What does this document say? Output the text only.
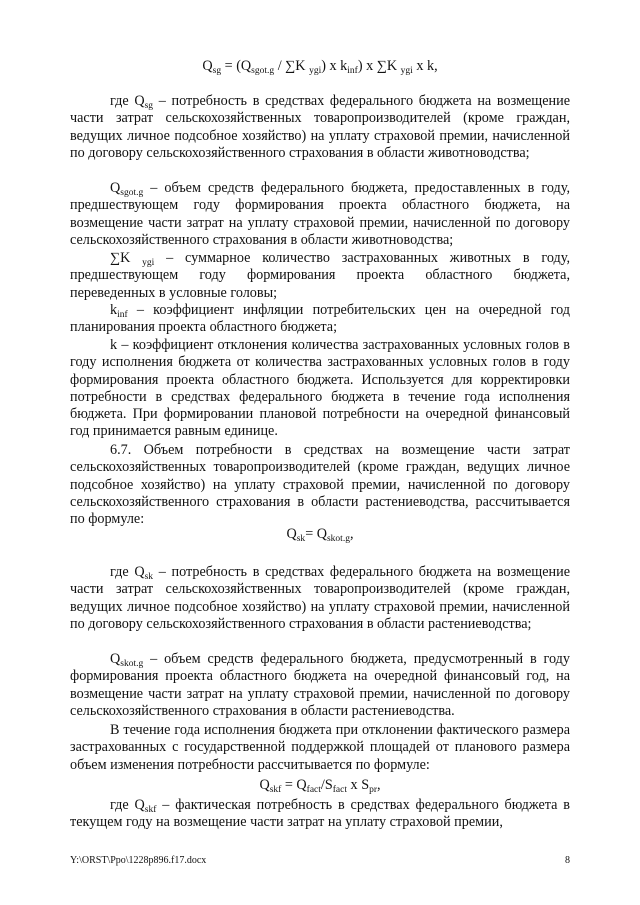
$Q_{sg} = (Q_{sgot.g} / \sum K$ $_{ygi}$) x $k_{inf}$) x ∑K $_{ygi}$ x k,

где $Q_{sg}$ – потребность в средствах федерального бюджета на возмещение части затрат сельскохозяйственных товаропроизводителей (кроме граждан, ведущих личное подсобное хозяйство) на уплату страховой премии, начисленной по договору сельскохозяйственного страхования в области животноводства;

$Q_{sgot.g}$ – объем средств федерального бюджета, предоставленных в году, предшествующем году формирования проекта областного бюджета, на возмещение части затрат на уплату страховой премии, начисленной по договору сельскохозяйственного страхования в области животноводства;

∑K $_{ygi}$ – суммарное количество застрахованных животных в году, предшествующем году формирования проекта областного бюджета, переведенных в условные головы;

$k_{inf}$ – коэффициент инфляции потребительских цен на очередной год планирования проекта областного бюджета;

k – коэффициент отклонения количества застрахованных условных голов в году исполнения бюджета от количества застрахованных условных голов в году формирования проекта областного бюджета. Используется для корректировки потребности в средствах федерального бюджета в течение года исполнения бюджета. При формировании плановой потребности на очередной финансовый год принимается равным единице.

6.7. Объем потребности в средствах на возмещение части затрат сельскохозяйственных товаропроизводителей (кроме граждан, ведущих личное подсобное хозяйство) на уплату страховой премии, начисленной по договору сельскохозяйственного страхования в области растениеводства, рассчитывается по формуле:

$Q_{sk}= Q_{skot.g}$,

где $Q_{sk}$ – потребность в средствах федерального бюджета на возмещение части затрат сельскохозяйственных товаропроизводителей (кроме граждан, ведущих личное подсобное хозяйство) на уплату страховой премии, начисленной по договору сельскохозяйственного страхования в области растениеводства;

$Q_{skot.g}$ – объем средств федерального бюджета, предусмотренный в году формирования проекта областного бюджета на очередной финансовый год, на возмещение части затрат на уплату страховой премии, начисленной по договору сельскохозяйственного страхования в области растениеводства.

В течение года исполнения бюджета при отклонении фактического размера застрахованных с государственной поддержкой площадей от планового размера объем изменения потребности рассчитывается по формуле:

$Q_{skf} = Q_{fact}/S_{fact}$ x $S_{pr}$,

где $Q_{skf}$ – фактическая потребность в средствах федерального бюджета в текущем году на возмещение части затрат на уплату страховой премии,

Y:\ORST\Ppo\1228p896.f17.docx	8
